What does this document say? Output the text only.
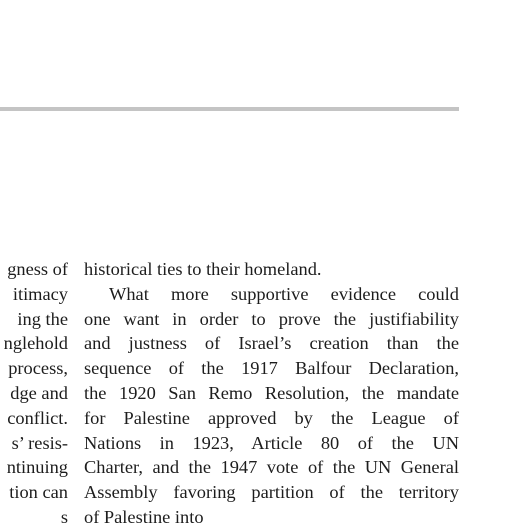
gness of
itimacy
ing the
nglehold
process,
dge and
conflict.
s’ resis-
ntinuing
tion can
s
historical ties to their homeland.
What more supportive evidence could
one want in order to prove the justifiability
and justness of Israel’s creation than the
sequence of the 1917 Balfour Declaration,
the 1920 San Remo Resolution, the mandate
for Palestine approved by the League of
Nations in 1923, Article 80 of the UN
Charter, and the 1947 vote of the UN General
Assembly favoring partition of the territory
of Palestine into
